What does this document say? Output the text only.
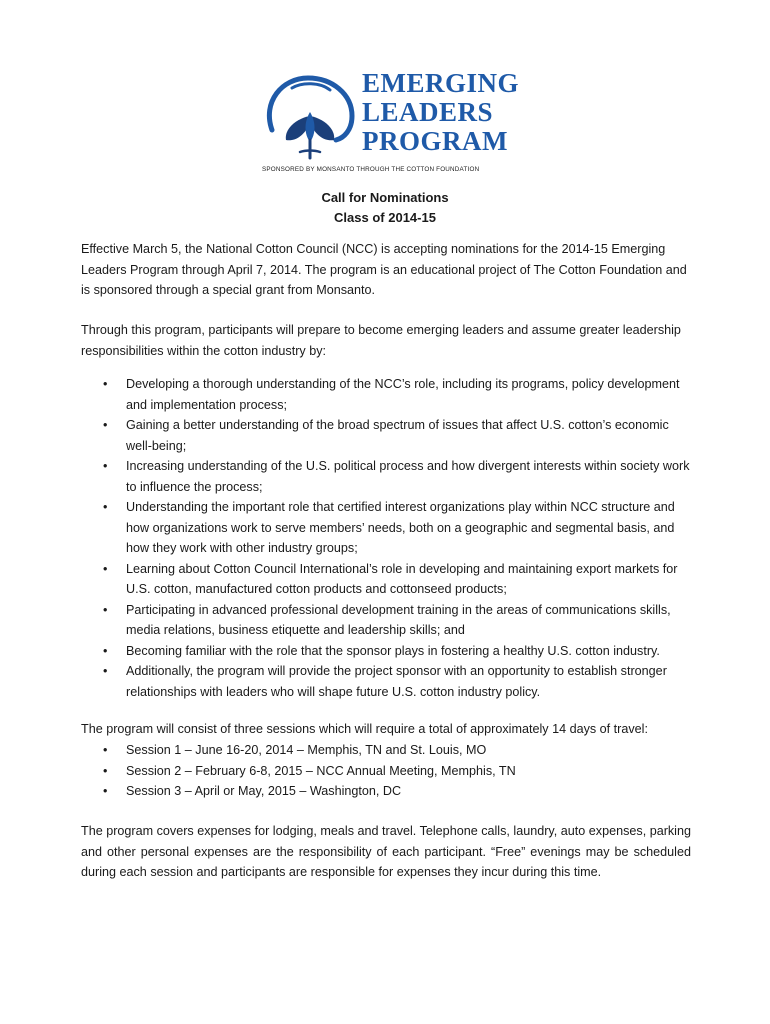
EMERGING
LEADERS
PROGRAM
SPONSORED BY MONSANTO THROUGH THE COTTON FOUNDATION
Call for Nominations
Class of 2014-15

Effective March 5, the National Cotton Council (NCC) is accepting nominations for the 2014-15 Emerging Leaders Program through April 7, 2014. The program is an educational project of The Cotton Foundation and is sponsored through a special grant from Monsanto.

Through this program, participants will prepare to become emerging leaders and assume greater leadership responsibilities within the cotton industry by:

•	Developing a thorough understanding of the NCC’s role, including its programs, policy development and implementation process;
•	Gaining a better understanding of the broad spectrum of issues that affect U.S. cotton’s economic well-being;
•	Increasing understanding of the U.S. political process and how divergent interests within society work to influence the process;
•	Understanding the important role that certified interest organizations play within NCC structure and how organizations work to serve members’ needs, both on a geographic and segmental basis, and how they work with other industry groups;
•	Learning about Cotton Council International’s role in developing and maintaining export markets for U.S. cotton, manufactured cotton products and cottonseed products;
•	Participating in advanced professional development training in the areas of communications skills, media relations, business etiquette and leadership skills; and
•	Becoming familiar with the role that the sponsor plays in fostering a healthy U.S. cotton industry.
•	Additionally, the program will provide the project sponsor with an opportunity to establish stronger relationships with leaders who will shape future U.S. cotton industry policy.

The program will consist of three sessions which will require a total of approximately 14 days of travel:

•	Session 1 – June 16-20, 2014 – Memphis, TN and St. Louis, MO
•	Session 2 – February 6-8, 2015 – NCC Annual Meeting, Memphis, TN
•	Session 3 – April or May, 2015 – Washington, DC

The program covers expenses for lodging, meals and travel. Telephone calls, laundry, auto expenses, parking and other personal expenses are the responsibility of each participant. “Free” evenings may be scheduled during each session and participants are responsible for expenses they incur during this time.
